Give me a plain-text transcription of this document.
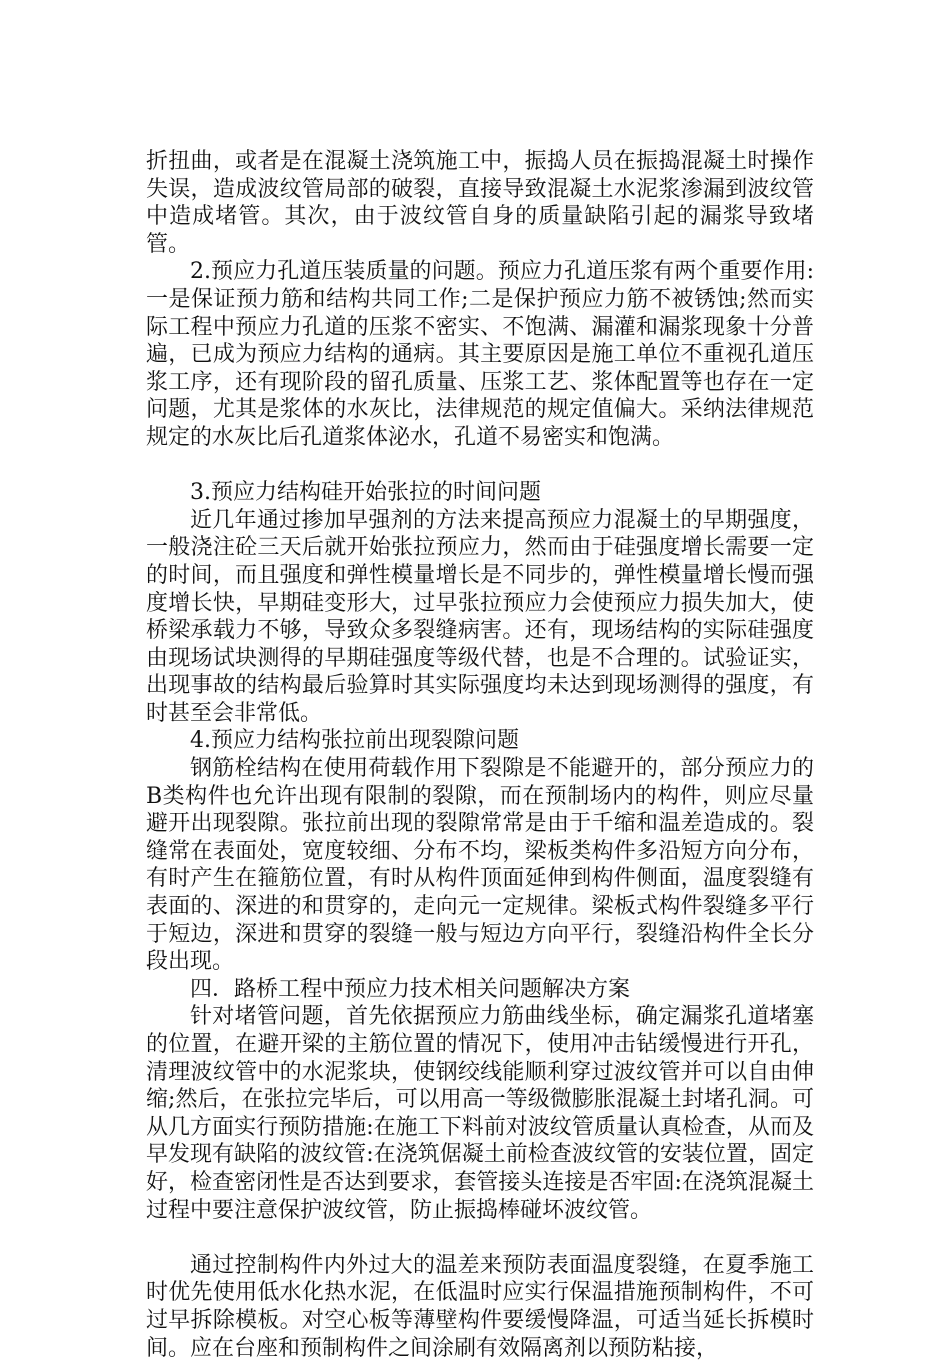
折扭曲，或者是在混凝土浇筑施工中，振捣人员在振捣混凝土时操作失误，造成波纹管局部的破裂，直接导致混凝土水泥浆渗漏到波纹管中造成堵管。其次，由于波纹管自身的质量缺陷引起的漏浆导致堵管。

2.预应力孔道压装质量的问题。预应力孔道压浆有两个重要作用:一是保证预力筋和结构共同工作;二是保护预应力筋不被锈蚀;然而实际工程中预应力孔道的压浆不密实、不饱满、漏灌和漏浆现象十分普遍，已成为预应力结构的通病。其主要原因是施工单位不重视孔道压浆工序，还有现阶段的留孔质量、压浆工艺、浆体配置等也存在一定问题，尤其是浆体的水灰比，法律规范的规定值偏大。采纳法律规范规定的水灰比后孔道浆体泌水，孔道不易密实和饱满。

3.预应力结构硅开始张拉的时间问题

近几年通过掺加早强剂的方法来提高预应力混凝土的早期强度，一般浇注砼三天后就开始张拉预应力，然而由于硅强度增长需要一定的时间，而且强度和弹性模量增长是不同步的，弹性模量增长慢而强度增长快，早期硅变形大，过早张拉预应力会使预应力损失加大，使桥梁承载力不够，导致众多裂缝病害。还有，现场结构的实际硅强度由现场试块测得的早期硅强度等级代替，也是不合理的。试验证实，出现事故的结构最后验算时其实际强度均未达到现场测得的强度，有时甚至会非常低。

4.预应力结构张拉前出现裂隙问题

钢筋栓结构在使用荷载作用下裂隙是不能避开的，部分预应力的B类构件也允许出现有限制的裂隙，而在预制场内的构件，则应尽量避开出现裂隙。张拉前出现的裂隙常常是由于千缩和温差造成的。裂缝常在表面处，宽度较细、分布不均，梁板类构件多沿短方向分布，有时产生在箍筋位置，有时从构件顶面延伸到构件侧面，温度裂缝有表面的、深进的和贯穿的，走向元一定规律。梁板式构件裂缝多平行于短边，深进和贯穿的裂缝一般与短边方向平行，裂缝沿构件全长分段出现。

四．路桥工程中预应力技术相关问题解决方案

针对堵管问题，首先依据预应力筋曲线坐标，确定漏浆孔道堵塞的位置，在避开梁的主筋位置的情况下，使用冲击钻缓慢进行开孔，清理波纹管中的水泥浆块，使钢绞线能顺利穿过波纹管并可以自由伸缩;然后，在张拉完毕后，可以用高一等级微膨胀混凝土封堵孔洞。可从几方面实行预防措施:在施工下料前对波纹管质量认真检查，从而及早发现有缺陷的波纹管:在浇筑倨凝土前检查波纹管的安装位置，固定好，检查密闭性是否达到要求，套管接头连接是否牢固:在浇筑混凝土过程中要注意保护波纹管，防止振捣棒碰坏波纹管。

通过控制构件内外过大的温差来预防表面温度裂缝，在夏季施工时优先使用低水化热水泥，在低温时应实行保温措施预制构件，不可过早拆除模板。对空心板等薄壁构件要缓慢降温，可适当延长拆模时间。应在台座和预制构件之间涂刷有效隔离剂以预防粘接，
